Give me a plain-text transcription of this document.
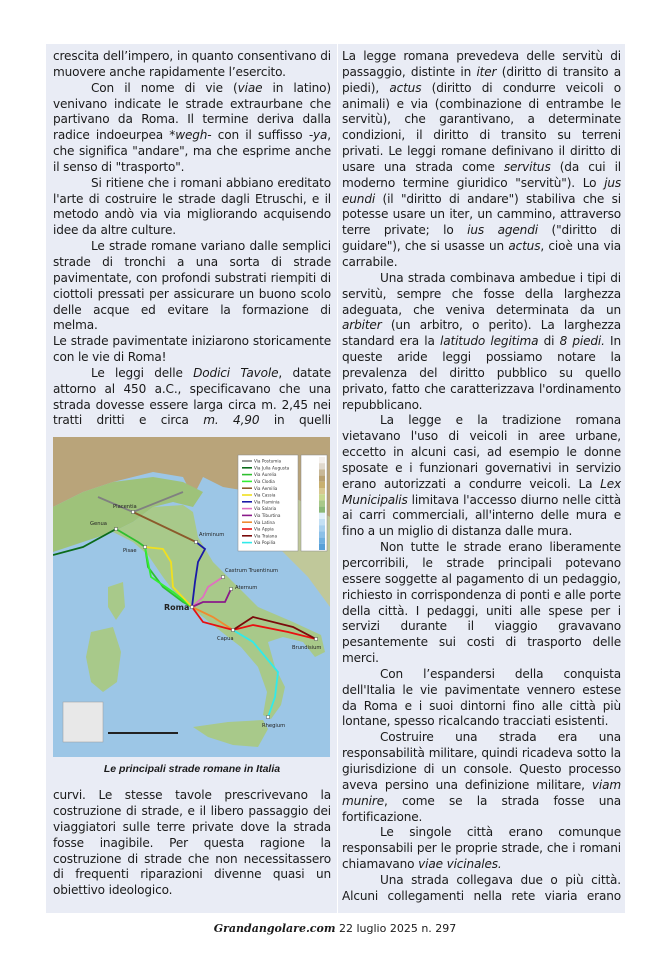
crescita dell’impero, in quanto consentivano di muovere anche rapidamente l’esercito.

Con il nome di vie (viae in latino) venivano indicate le strade extraurbane che partivano da Roma. Il termine deriva dalla radice indoeurpea *wegh- con il suffisso -ya, che significa "andare", ma che esprime anche il senso di "trasporto".

Si ritiene che i romani abbiano ereditato l'arte di costruire le strade dagli Etruschi, e il metodo andò via via migliorando acquisendo idee da altre culture.

Le strade romane variano dalle semplici strade di tronchi a una sorta di strade pavimentate, con profondi substrati riempiti di ciottoli pressati per assicurare un buono scolo delle acque ed evitare la formazione di melma.

Le strade pavimentate iniziarono storicamente con le vie di Roma!

Le leggi delle Dodici Tavole, datate attorno al 450 a.C., specificavano che una strada dovesse essere larga circa m. 2,45 nei tratti dritti e circa m. 4,90 in quelli

Placentia
Genua
Pisae
Ariminum
Castrum Truentinum
Aternum
Roma
Capua
Brundisium
Rhegium
Via Postumia
Via Julia Augusta
Via Aurelia
Via Clodia
Via Aemilia
Via Cassia
Via Flaminia
Via Salaria
Via Tiburtina
Via Latina
Via Appia
Via Traiana
Via Popilia
Le principali strade romane in Italia

curvi. Le stesse tavole prescrivevano la costruzione di strade, e il libero passaggio dei viaggiatori sulle terre private dove la strada fosse inagibile. Per questa ragione la costruzione di strade che non necessitassero di frequenti riparazioni divenne quasi un obiettivo ideologico.

La legge romana prevedeva delle servitù di passaggio, distinte in iter (diritto di transito a piedi), actus (diritto di condurre veicoli o animali) e via (combinazione di entrambe le servitù), che garantivano, a determinate condizioni, il diritto di transito su terreni privati. Le leggi romane definivano il diritto di usare una strada come servitus (da cui il moderno termine giuridico "servitù"). Lo jus eundi (il "diritto di andare") stabiliva che si potesse usare un iter, un cammino, attraverso terre private; lo ius agendi ("diritto di guidare"), che si usasse un actus, cioè una via carrabile.

Una strada combinava ambedue i tipi di servitù, sempre che fosse della larghezza adeguata, che veniva determinata da un arbiter (un arbitro, o perito). La larghezza standard era la latitudo legitima di 8 piedi. In queste aride leggi possiamo notare la prevalenza del diritto pubblico su quello privato, fatto che caratterizzava l'ordinamento repubblicano.

La legge e la tradizione romana vietavano l'uso di veicoli in aree urbane, eccetto in alcuni casi, ad esempio le donne sposate e i funzionari governativi in servizio erano autorizzati a condurre veicoli. La Lex Municipalis limitava l'accesso diurno nelle città ai carri commerciali, all'interno delle mura e fino a un miglio di distanza dalle mura.

Non tutte le strade erano liberamente percorribili, le strade principali potevano essere soggette al pagamento di un pedaggio, richiesto in corrispondenza di ponti e alle porte della città. I pedaggi, uniti alle spese per i servizi durante il viaggio gravavano pesantemente sui costi di trasporto delle merci.

Con l’espandersi della conquista dell'Italia le vie pavimentate vennero estese da Roma e i suoi dintorni fino alle città più lontane, spesso ricalcando tracciati esistenti.

Costruire una strada era una responsabilità militare, quindi ricadeva sotto la giurisdizione di un console. Questo processo aveva persino una definizione militare, viam munire, come se la strada fosse una fortificazione.

Le singole città erano comunque responsabili per le proprie strade, che i romani chiamavano viae vicinales.

Una strada collegava due o più città. Alcuni collegamenti nella rete viaria erano

Grandangolare.com 22 luglio 2025 n. 297
